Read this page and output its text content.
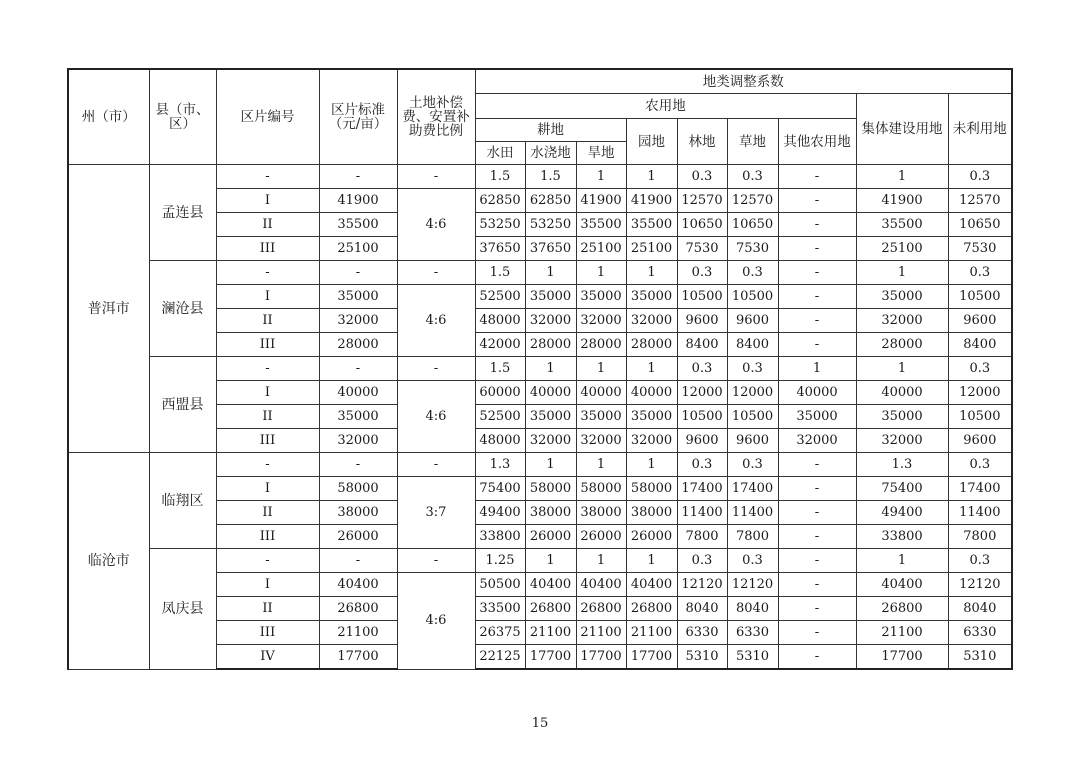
州（市）	县（市、区）	区片编号	区片标准（元/亩）	土地补偿费、安置补助费比例	地类调整系数								
					农用地							集体建设用地	未利用地
					耕地			园地	林地	草地	其他农用地		
					水田	水浇地	旱地						
普洱市	孟连县	-	-	-	1.5	1.5	1	1	0.3	0.3	-	1	0.3
		I	41900	4:6	62850	62850	41900	41900	12570	12570	-	41900	12570
		II	35500		53250	53250	35500	35500	10650	10650	-	35500	10650
		III	25100		37650	37650	25100	25100	7530	7530	-	25100	7530
	澜沧县	-	-	-	1.5	1	1	1	0.3	0.3	-	1	0.3
		I	35000	4:6	52500	35000	35000	35000	10500	10500	-	35000	10500
		II	32000		48000	32000	32000	32000	9600	9600	-	32000	9600
		III	28000		42000	28000	28000	28000	8400	8400	-	28000	8400
	西盟县	-	-	-	1.5	1	1	1	0.3	0.3	1	1	0.3
		I	40000	4:6	60000	40000	40000	40000	12000	12000	40000	40000	12000
		II	35000		52500	35000	35000	35000	10500	10500	35000	35000	10500
		III	32000		48000	32000	32000	32000	9600	9600	32000	32000	9600
临沧市	临翔区	-	-	-	1.3	1	1	1	0.3	0.3	-	1.3	0.3
		I	58000	3:7	75400	58000	58000	58000	17400	17400	-	75400	17400
		II	38000		49400	38000	38000	38000	11400	11400	-	49400	11400
		III	26000		33800	26000	26000	26000	7800	7800	-	33800	7800
	凤庆县	-	-	-	1.25	1	1	1	0.3	0.3	-	1	0.3
		I	40400	4:6	50500	40400	40400	40400	12120	12120	-	40400	12120
		II	26800		33500	26800	26800	26800	8040	8040	-	26800	8040
		III	21100		26375	21100	21100	21100	6330	6330	-	21100	6330
		IV	17700		22125	17700	17700	17700	5310	5310	-	17700	5310
15
